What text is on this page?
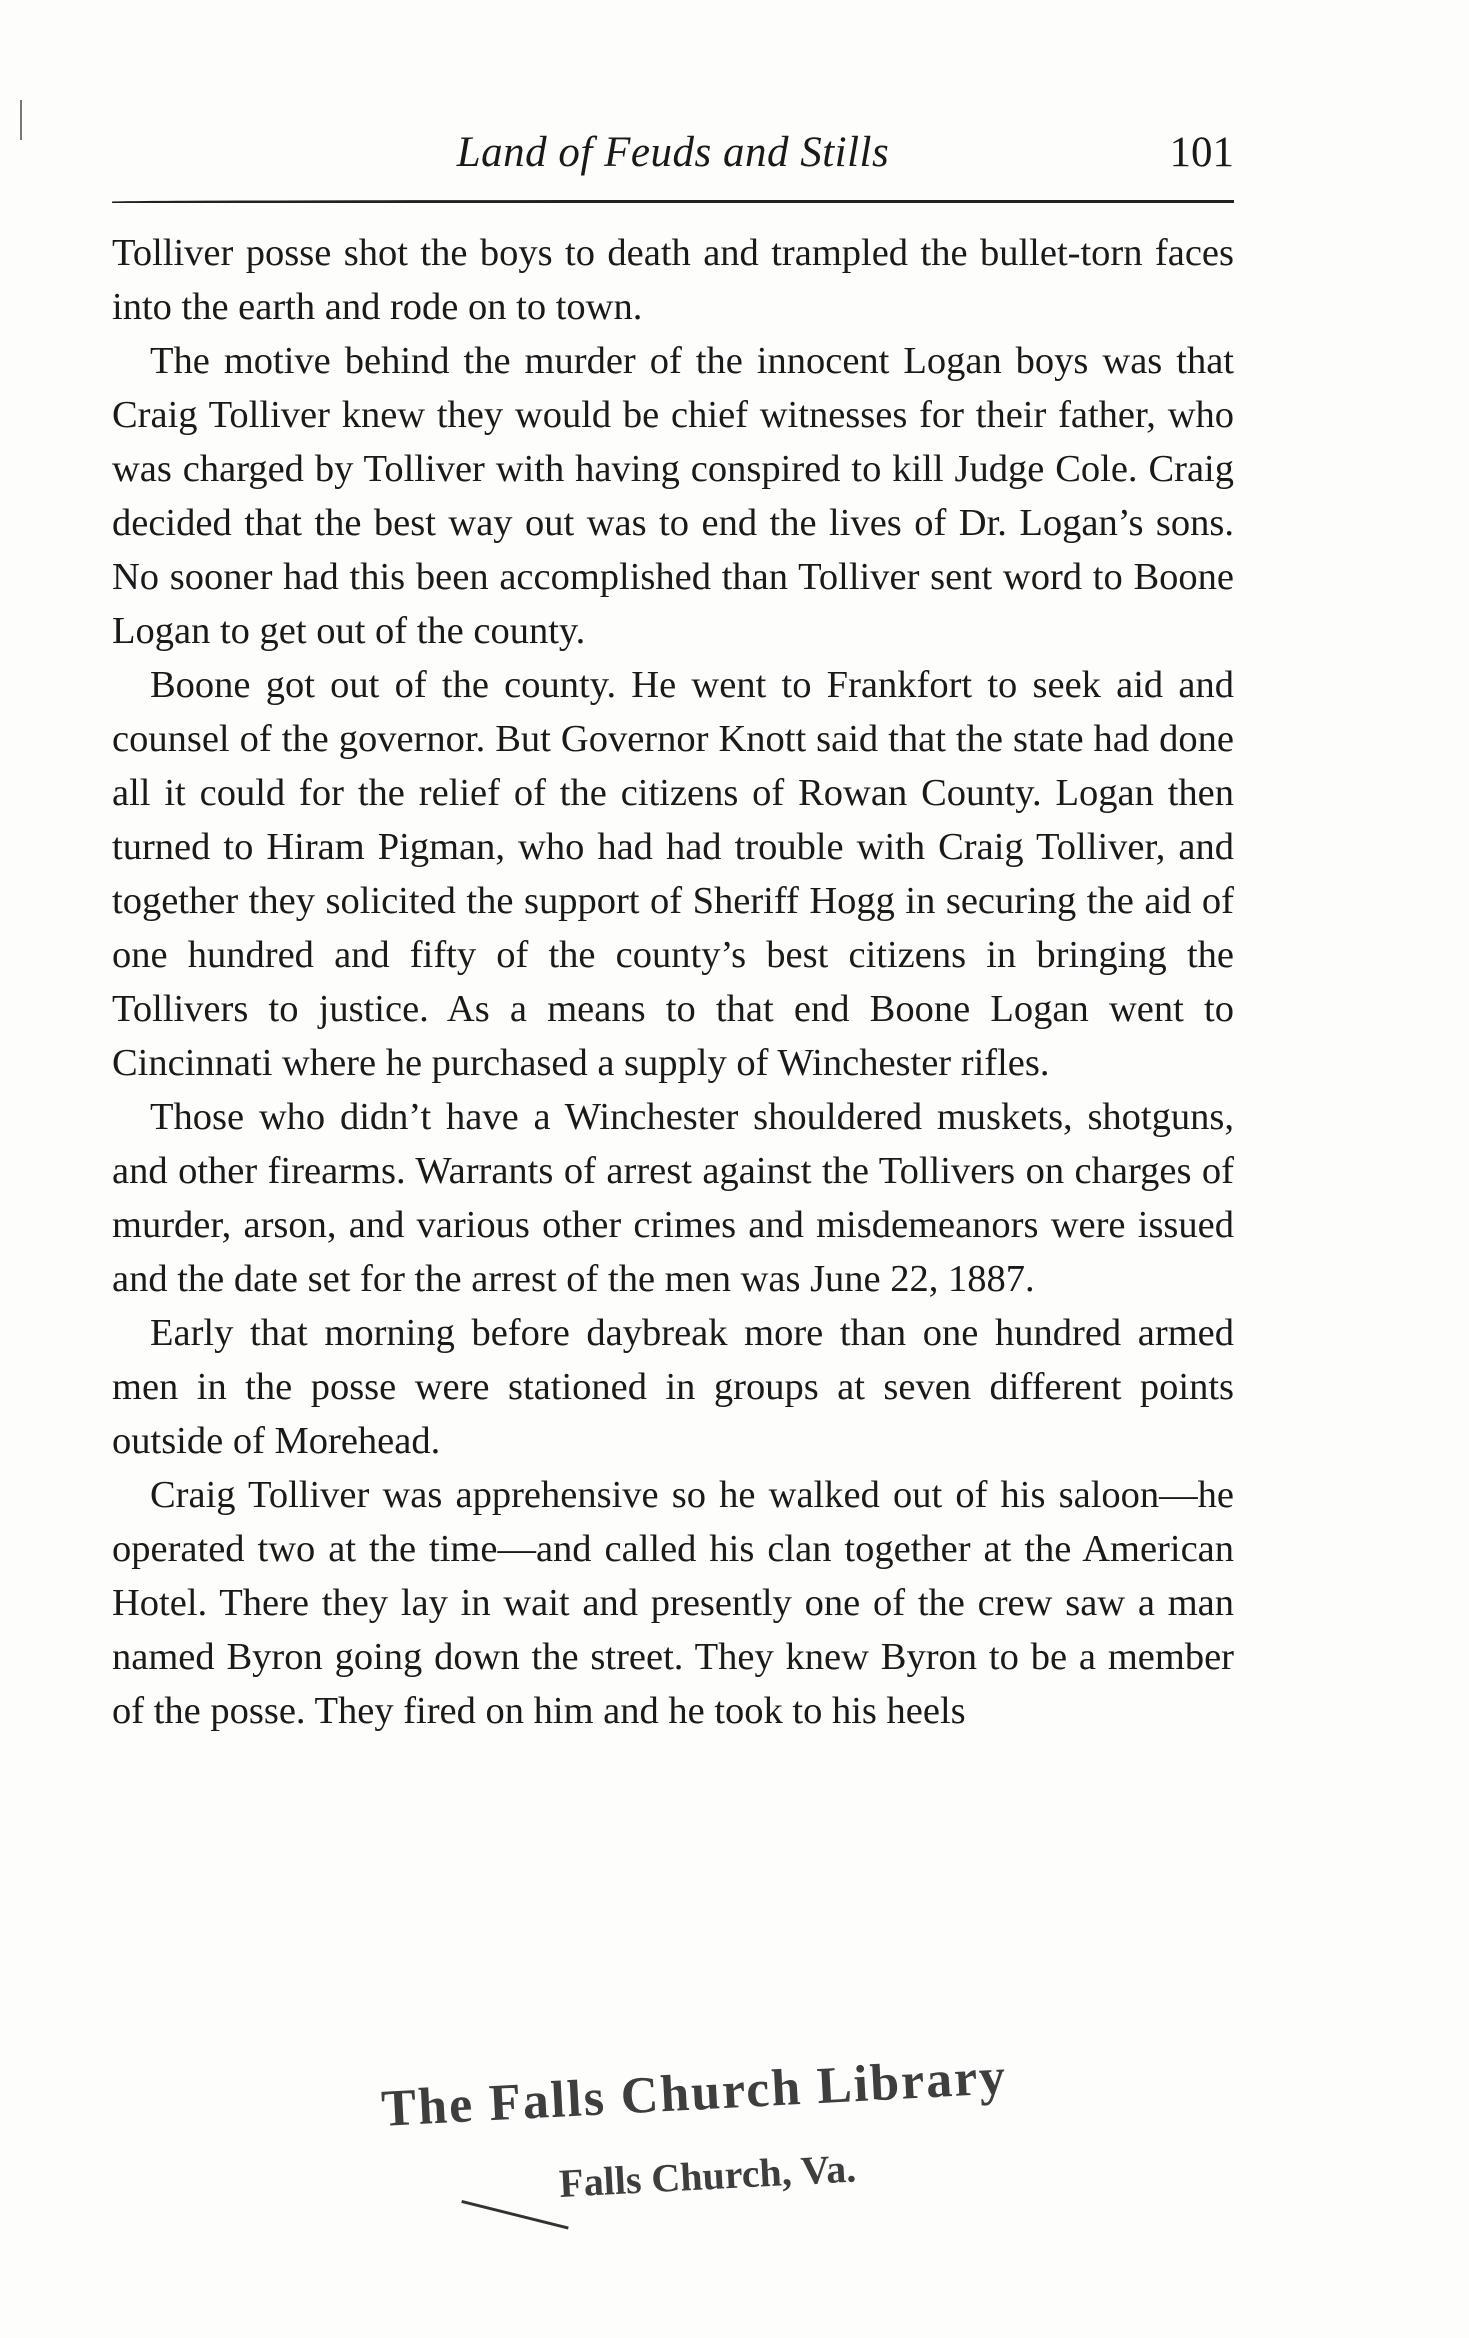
Land of Feuds and Stills	101

Tolliver posse shot the boys to death and trampled the bullet-torn faces into the earth and rode on to town.

The motive behind the murder of the innocent Logan boys was that Craig Tolliver knew they would be chief witnesses for their father, who was charged by Tolliver with having conspired to kill Judge Cole. Craig decided that the best way out was to end the lives of Dr. Logan’s sons. No sooner had this been accomplished than Tolliver sent word to Boone Logan to get out of the county.

Boone got out of the county. He went to Frankfort to seek aid and counsel of the governor. But Governor Knott said that the state had done all it could for the relief of the citizens of Rowan County. Logan then turned to Hiram Pigman, who had had trouble with Craig Tolliver, and together they solicited the support of Sheriff Hogg in securing the aid of one hundred and fifty of the county’s best citizens in bringing the Tollivers to justice. As a means to that end Boone Logan went to Cincinnati where he purchased a supply of Winchester rifles.

Those who didn’t have a Winchester shouldered muskets, shotguns, and other firearms. Warrants of arrest against the Tollivers on charges of murder, arson, and various other crimes and misdemeanors were issued and the date set for the arrest of the men was June 22, 1887.

Early that morning before daybreak more than one hundred armed men in the posse were stationed in groups at seven different points outside of Morehead.

Craig Tolliver was apprehensive so he walked out of his saloon—he operated two at the time—and called his clan together at the American Hotel. There they lay in wait and presently one of the crew saw a man named Byron going down the street. They knew Byron to be a member of the posse. They fired on him and he took to his heels

The Falls Church Library
Falls Church, Va.
